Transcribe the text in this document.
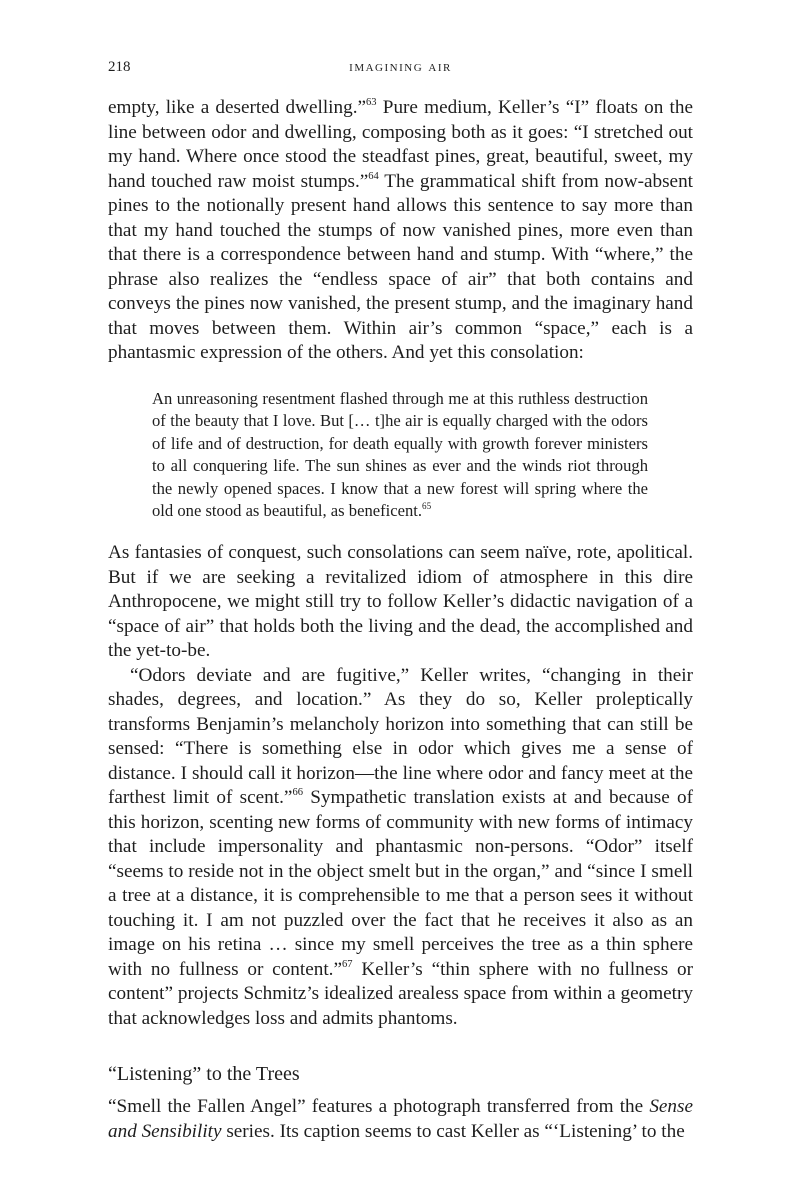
218	imagining air

empty, like a deserted dwelling.”$^{63}$ Pure medium, Keller’s “I” floats on the line between odor and dwelling, composing both as it goes: “I stretched out my hand. Where once stood the steadfast pines, great, beautiful, sweet, my hand touched raw moist stumps.”$^{64}$ The grammatical shift from now-absent pines to the notionally present hand allows this sentence to say more than that my hand touched the stumps of now vanished pines, more even than that there is a correspondence between hand and stump. With “where,” the phrase also realizes the “endless space of air” that both contains and conveys the pines now vanished, the present stump, and the imaginary hand that moves between them. Within air’s common “space,” each is a phantasmic expression of the others. And yet this consolation:

An unreasoning resentment flashed through me at this ruthless destruction of the beauty that I love. But [… t]he air is equally charged with the odors of life and of destruction, for death equally with growth forever ministers to all conquering life. The sun shines as ever and the winds riot through the newly opened spaces. I know that a new forest will spring where the old one stood as beautiful, as beneficent.$^{65}$

As fantasies of conquest, such consolations can seem naïve, rote, apolitical. But if we are seeking a revitalized idiom of atmosphere in this dire Anthropocene, we might still try to follow Keller’s didactic navigation of a “space of air” that holds both the living and the dead, the accomplished and the yet-to-be.

“Odors deviate and are fugitive,” Keller writes, “changing in their shades, degrees, and location.” As they do so, Keller proleptically transforms Benjamin’s melancholy horizon into something that can still be sensed: “There is something else in odor which gives me a sense of distance. I should call it horizon—the line where odor and fancy meet at the farthest limit of scent.”$^{66}$ Sympathetic translation exists at and because of this horizon, scenting new forms of community with new forms of intimacy that include impersonality and phantasmic non-persons. “Odor” itself “seems to reside not in the object smelt but in the organ,” and “since I smell a tree at a distance, it is comprehensible to me that a person sees it without touching it. I am not puzzled over the fact that he receives it also as an image on his retina … since my smell perceives the tree as a thin sphere with no fullness or content.”$^{67}$ Keller’s “thin sphere with no fullness or content” projects Schmitz’s idealized arealess space from within a geometry that acknowledges loss and admits phantoms.

“Listening” to the Trees

“Smell the Fallen Angel” features a photograph transferred from the Sense and Sensibility series. Its caption seems to cast Keller as “‘Listening’ to the
